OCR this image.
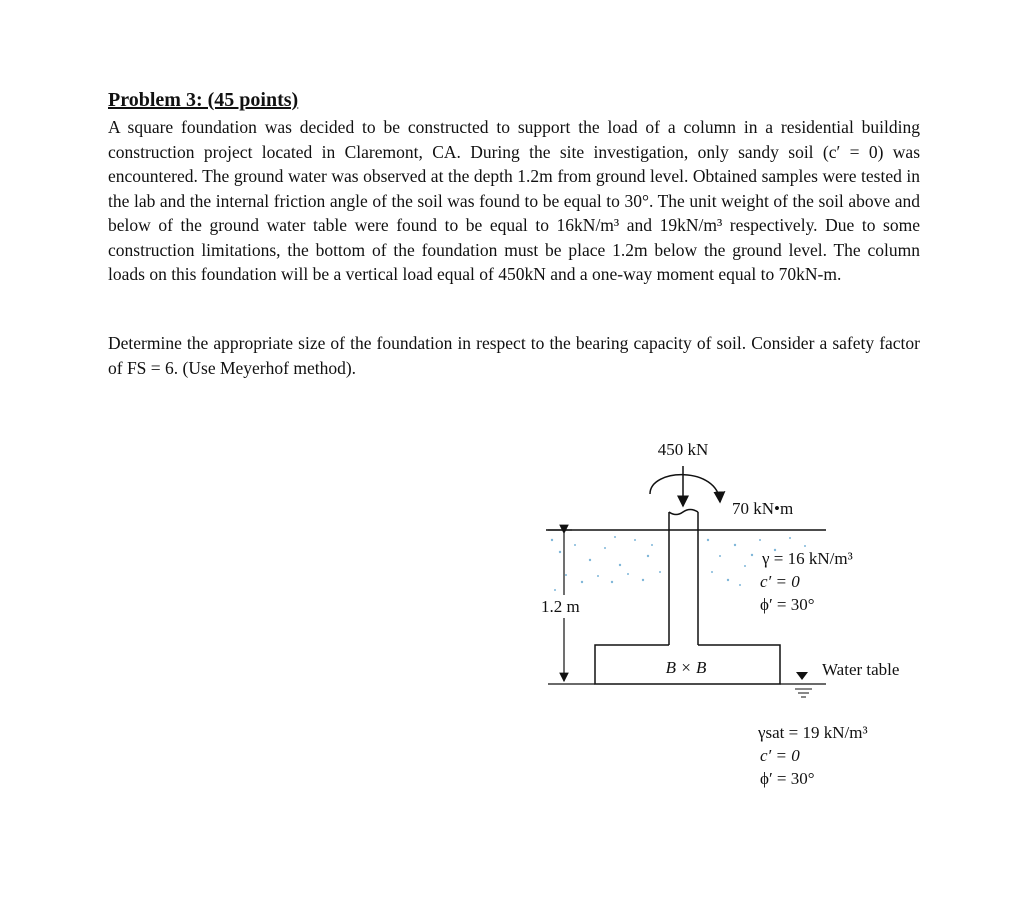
Problem 3: (45 points)

A square foundation was decided to be constructed to support the load of a column in a residential building construction project located in Claremont, CA. During the site investigation, only sandy soil (c′ = 0) was encountered. The ground water was observed at the depth 1.2m from ground level. Obtained samples were tested in the lab and the internal friction angle of the soil was found to be equal to 30°. The unit weight of the soil above and below of the ground water table were found to be equal to 16kN/m³ and 19kN/m³ respectively. Due to some construction limitations, the bottom of the foundation must be place 1.2m below the ground level. The column loads on this foundation will be a vertical load equal of 450kN and a one-way moment equal to 70kN-m.

Determine the appropriate size of the foundation in respect to the bearing capacity of soil. Consider a safety factor of FS = 6. (Use Meyerhof method).

450 kN
70 kN•m
1.2 m
B × B	Water table
γ = 16 kN/m³
c′ = 0
ϕ′ = 30°
γsat = 19 kN/m³
c′ = 0
ϕ′ = 30°
